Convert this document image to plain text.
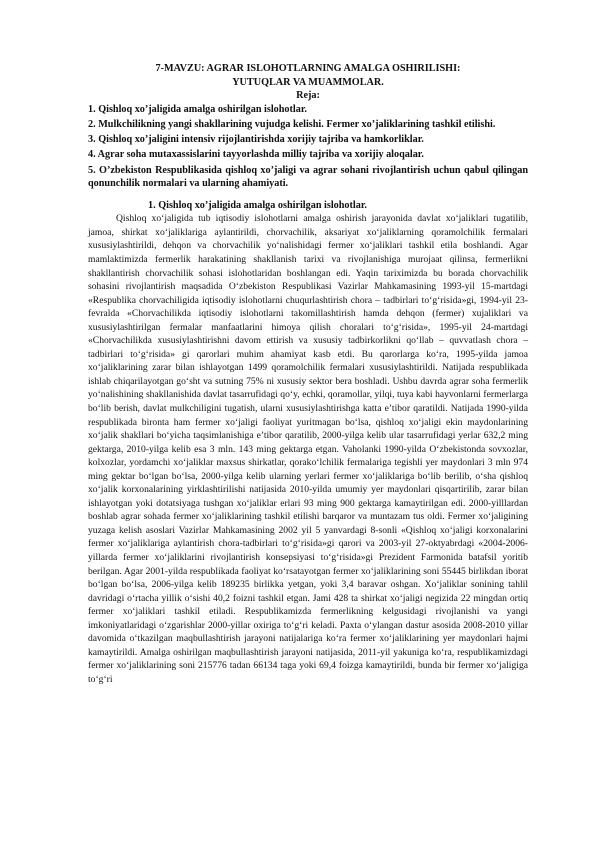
7-MAVZU: AGRAR ISLOHOTLARNING AMALGA OSHIRILISHI:
YUTUQLAR VA MUAMMOLAR.

Reja:

1. Qishloq xo’jaligida amalga oshirilgan islohotlar.
2. Mulkchilikning yangi shakllarining vujudga kelishi. Fermer xo’jaliklarining tashkil etilishi.
3. Qishloq xo’jaligini intensiv rijojlantirishda xorijiy tajriba va hamkorliklar.
4. Agrar soha mutaxassislarini tayyorlashda milliy tajriba va xorijiy aloqalar.
5. O’zbekiston Respublikasida qishloq xo’jaligi va agrar sohani rivojlantirish uchun qabul qilingan qonunchilik normalari va ularning ahamiyati.

1. Qishloq xo’jaligida amalga oshirilgan islohotlar.

Qishloq xo‘jaligida tub iqtisodiy islohotlarni amalga oshirish jarayonida davlat xo‘jaliklari tugatilib, jamoa, shirkat xo‘jaliklariga aylantirildi, chorvachilik, aksariyat xo‘jaliklarning qoramolchilik fermalari xususiylashtirildi, dehqon va chorvachilik yo‘nalishidagi fermer xo‘jaliklari tashkil etila boshlandi. Agar mamlaktimizda fermerlik harakatining shakllanish tarixi va rivojlanishiga murojaat qilinsa, fermerlikni shakllantirish chorvachilik sohasi islohotlaridan boshlangan edi. Yaqin tariximizda bu borada chorvachilik sohasini rivojlantirish maqsadida O‘zbekiston Respublikasi Vazirlar Mahkamasining 1993-yil 15-martdagi «Respublika chorvachiligida iqtisodiy islohotlarni chuqurlashtirish chora – tadbirlari to‘g‘risida»gi, 1994-yil 23-fevralda «Chorvachilikda iqtisodiy islohotlarni takomillashtirish hamda dehqon (fermer) xujaliklari va xususiylashtirilgan fermalar manfaatlarini himoya qilish choralari to‘g‘risida», 1995-yil 24-martdagi «Chorvachilikda xususiylashtirishni davom ettirish va xususiy tadbirkorlikni qo‘llab – quvvatlash chora – tadbirlari to‘g‘risida» gi qarorlari muhim ahamiyat kasb etdi. Bu qarorlarga ko‘ra, 1995-yilda jamoa xo‘jaliklarining zarar bilan ishlayotgan 1499 qoramolchilik fermalari xususiylashtirildi. Natijada respublikada ishlab chiqarilayotgan go‘sht va sutning 75% ni xususiy sektor bera boshladi. Ushbu davrda agrar soha fermerlik yo‘nalishining shakllanishida davlat tasarrufidagi qo‘y, echki, qoramollar, yilqi, tuya kabi hayvonlarni fermerlarga bo‘lib berish, davlat mulkchiligini tugatish, ularni xususiylashtirishga katta e’tibor qaratildi. Natijada 1990-yilda respublikada bironta ham fermer xo‘jaligi faoliyat yuritmagan bo‘lsa, qishloq xo‘jaligi ekin maydonlarining xo‘jalik shakllari bo‘yicha taqsimlanishiga e’tibor qaratilib, 2000-yilga kelib ular tasarrufidagi yerlar 632,2 ming gektarga, 2010-yilga kelib esa 3 mln. 143 ming gektarga etgan. Vaholanki 1990-yilda O‘zbekistonda sovxozlar, kolxozlar, yordamchi xo‘jaliklar maxsus shirkatlar, qorako‘lchilik fermalariga tegishli yer maydonlari 3 mln 974 ming gektar bo‘lgan bo‘lsa, 2000-yilga kelib ularning yerlari fermer xo‘jaliklariga bo‘lib berilib, o‘sha qishloq xo‘jalik korxonalarining yirklashtirilishi natijasida 2010-yilda umumiy yer maydonlari qisqartirilib, zarar bilan ishlayotgan yoki dotatsiyaga tushgan xo‘jaliklar erlari 93 ming 900 gektarga kamaytirilgan edi. 2000-yilllardan boshlab agrar sohada fermer xo‘jaliklarining tashkil etilishi barqaror va muntazam tus oldi. Fermer xo‘jaligining yuzaga kelish asoslari Vazirlar Mahkamasining 2002 yil 5 yanvardagi 8-sonli «Qishloq xo‘jaligi korxonalarini fermer xo‘jaliklariga aylantirish chora-tadbirlari to‘g‘risida»gi qarori va 2003-yil 27-oktyabrdagi «2004-2006-yillarda fermer xo‘jaliklarini rivojlantirish konsepsiyasi to‘g‘risida»gi Prezident Farmonida batafsil yoritib berilgan. Agar 2001-yilda respublikada faoliyat ko‘rsatayotgan fermer xo‘jaliklarining soni 55445 birlikdan iborat bo‘lgan bo‘lsa, 2006-yilga kelib 189235 birlikka yetgan, yoki 3,4 baravar oshgan. Xo‘jaliklar sonining tahlil davridagi o‘rtacha yillik o‘sishi 40,2 foizni tashkil etgan. Jami 428 ta shirkat xo‘jaligi negizida 22 mingdan ortiq fermer xo‘jaliklari tashkil etiladi. Respublikamizda fermerlikning kelgusidagi rivojlanishi va yangi imkoniyatlaridagi o‘zgarishlar 2000-yillar oxiriga to‘g‘ri keladi. Paxta o‘ylangan dastur asosida 2008-2010 yillar davomida o‘tkazilgan maqbullashtirish jarayoni natijalariga ko‘ra fermer xo‘jaliklarining yer maydonlari hajmi kamaytirildi. Amalga oshirilgan maqbullashtirish jarayoni natijasida, 2011-yil yakuniga ko‘ra, respublikamizdagi fermer xo‘jaliklarining soni 215776 tadan 66134 taga yoki 69,4 foizga kamaytirildi, bunda bir fermer xo‘jaligiga to‘g‘ri
